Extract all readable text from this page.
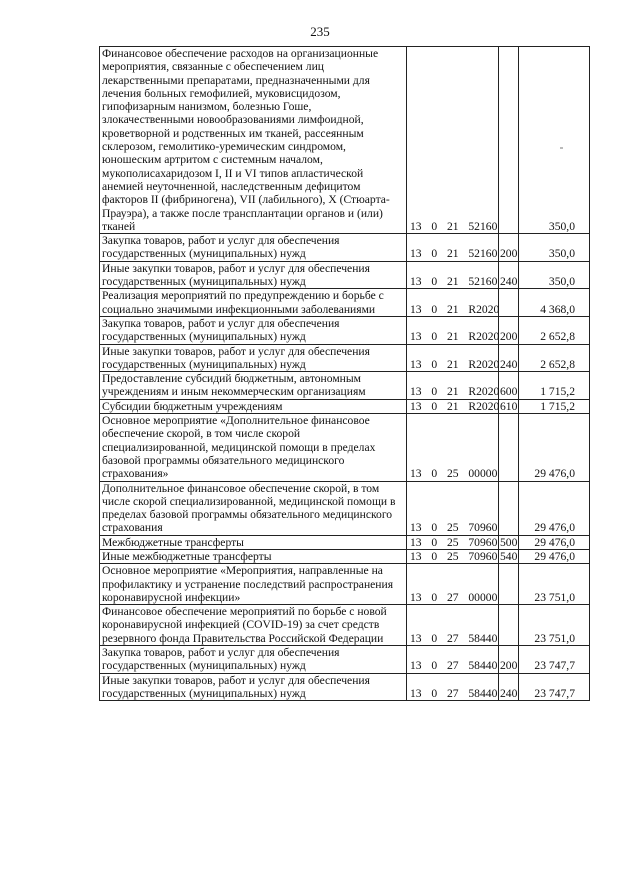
235
Финансовое обеспечение расходов на организационные мероприятия, связанные с обеспечением лиц лекарственными препаратами, предназначенными для лечения больных гемофилией, муковисцидозом, гипофизарным нанизмом, болезнью Гоше, злокачественными новообразованиями лимфоидной, кроветворной и родственных им тканей, рассеянным склерозом, гемолитико-уремическим синдромом, юношеским артритом с системным началом, мукополисахаридозом I, II и VI типов апластической анемией неуточненной, наследственным дефицитом факторов II (фибриногена), VII (лабильного), X (Стюарта-Прауэра), а также после трансплантации органов и (или) тканей	13  0  21  52160		350,0
Закупка товаров, работ и услуг для обеспечения государственных (муниципальных) нужд	13  0  21  52160	200	350,0
Иные закупки товаров, работ и услуг для обеспечения государственных (муниципальных) нужд	13  0  21  52160	240	350,0
Реализация мероприятий по предупреждению и борьбе с социально значимыми инфекционными заболеваниями	13  0  21  R2020		4 368,0
Закупка товаров, работ и услуг для обеспечения государственных (муниципальных) нужд	13  0  21  R2020	200	2 652,8
Иные закупки товаров, работ и услуг для обеспечения государственных (муниципальных) нужд	13  0  21  R2020	240	2 652,8
Предоставление субсидий бюджетным, автономным учреждениям и иным некоммерческим организациям	13  0  21  R2020	600	1 715,2
Субсидии бюджетным учреждениям	13  0  21  R2020	610	1 715,2
Основное мероприятие «Дополнительное финансовое обеспечение скорой, в том числе скорой специализированной, медицинской помощи в пределах базовой программы обязательного медицинского страхования»	13  0  25  00000		29 476,0
Дополнительное финансовое обеспечение скорой, в том числе скорой специализированной, медицинской помощи в пределах базовой программы обязательного медицинского страхования	13  0  25  70960		29 476,0
Межбюджетные трансферты	13  0  25  70960	500	29 476,0
Иные межбюджетные трансферты	13  0  25  70960	540	29 476,0
Основное мероприятие «Мероприятия, направленные на профилактику и устранение последствий распространения коронавирусной инфекции»	13  0  27  00000		23 751,0
Финансовое обеспечение мероприятий по борьбе с новой коронавирусной инфекцией (COVID-19) за счет средств резервного фонда Правительства Российской Федерации	13  0  27  58440		23 751,0
Закупка товаров, работ и услуг для обеспечения государственных (муниципальных) нужд	13  0  27  58440	200	23 747,7
Иные закупки товаров, работ и услуг для обеспечения государственных (муниципальных) нужд	13  0  27  58440	240	23 747,7
